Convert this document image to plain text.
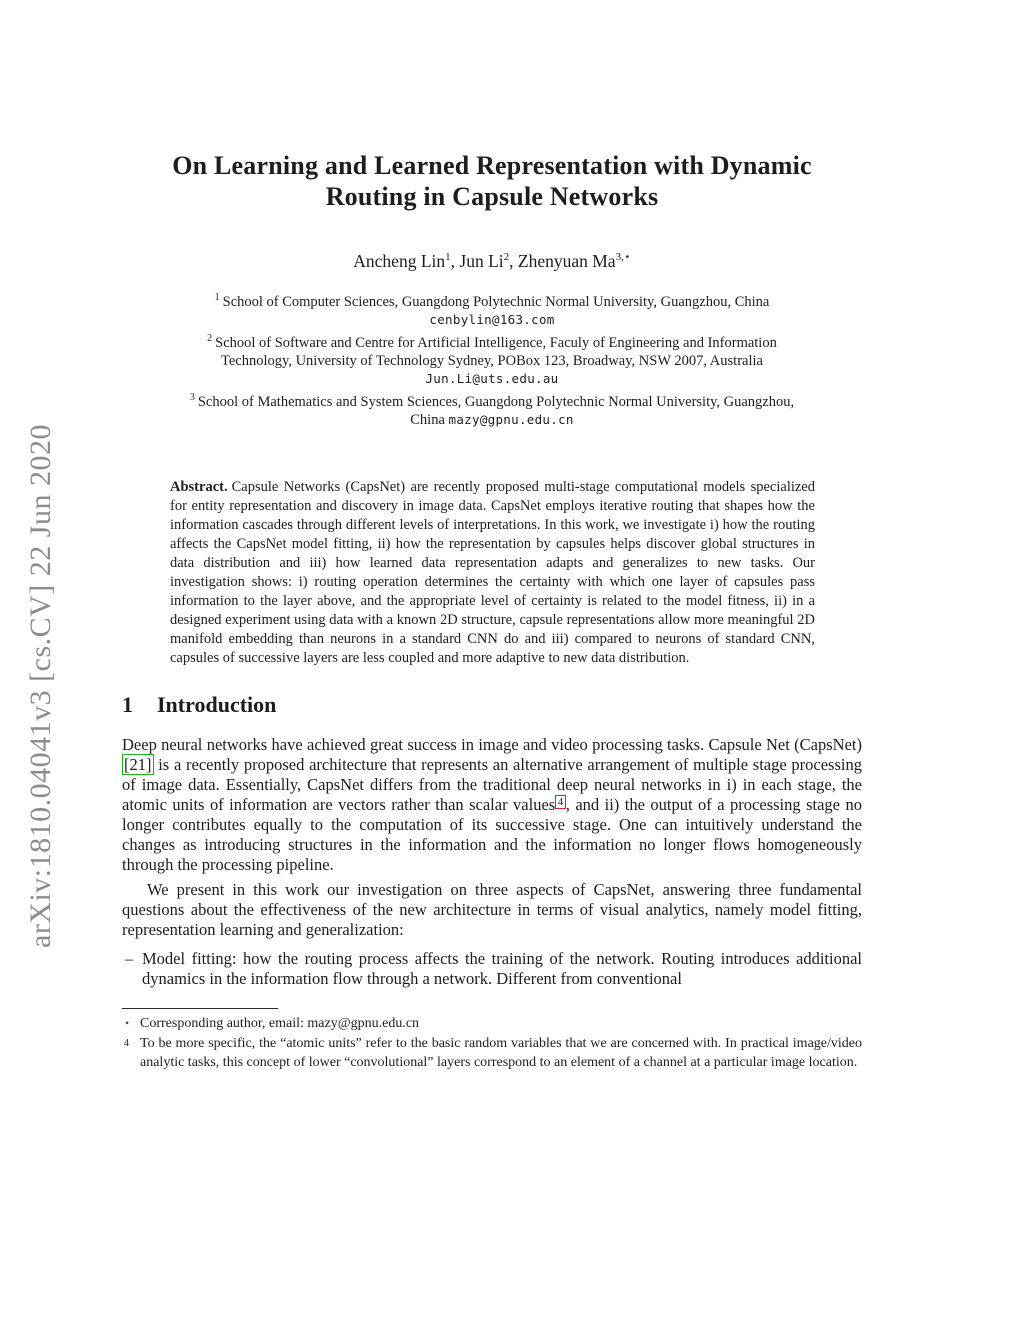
arXiv:1810.04041v3 [cs.CV] 22 Jun 2020
On Learning and Learned Representation with Dynamic
Routing in Capsule Networks
Ancheng Lin$^1$, Jun Li$^2$, Zhenyuan $Ma^{3,⋆}$

$^1$ School of Computer Sciences, Guangdong Polytechnic Normal University, Guangzhou, China

cenbylin@163.com

$^2$ School of Software and Centre for Artificial Intelligence, Faculy of Engineering and Information Technology, University of Technology Sydney, POBox 123, Broadway, NSW 2007, Australia

Jun.Li@uts.edu.au

$^3$ School of Mathematics and System Sciences, Guangdong Polytechnic Normal University, Guangzhou, China mazy@gpnu.edu.cn

Abstract. Capsule Networks (CapsNet) are recently proposed multi-stage computational models specialized for entity representation and discovery in image data. CapsNet employs iterative routing that shapes how the information cascades through different levels of interpretations. In this work, we investigate i) how the routing affects the CapsNet model fitting, ii) how the representation by capsules helps discover global structures in data distribution and iii) how learned data representation adapts and generalizes to new tasks. Our investigation shows: i) routing operation determines the certainty with which one layer of capsules pass information to the layer above, and the appropriate level of certainty is related to the model fitness, ii) in a designed experiment using data with a known 2D structure, capsule representations allow more meaningful 2D manifold embedding than neurons in a standard CNN do and iii) compared to neurons of standard CNN, capsules of successive layers are less coupled and more adaptive to new data distribution.
1 Introduction

Deep neural networks have achieved great success in image and video processing tasks. Capsule Net (CapsNet) [21] is a recently proposed architecture that represents an alternative arrangement of multiple stage processing of image data. Essentially, CapsNet differs from the traditional deep neural networks in i) in each stage, the atomic units of information are vectors rather than scalar values 4 , and ii) the output of a processing stage no longer contributes equally to the computation of its successive stage. One can intuitively understand the changes as introducing structures in the information and the information no longer flows homogeneously through the processing pipeline.

We present in this work our investigation on three aspects of CapsNet, answering three fundamental questions about the effectiveness of the new architecture in terms of visual analytics, namely model fitting, representation learning and generalization:

– Model fitting: how the routing process affects the training of the network. Routing introduces additional dynamics in the information flow through a network. Different from conventional

⋆ Corresponding author, email: mazy@gpnu.edu.cn

4 To be more specific, the “atomic units” refer to the basic random variables that we are concerned with. In practical image/video analytic tasks, this concept of lower “convolutional” layers correspond to an element of a channel at a particular image location.
